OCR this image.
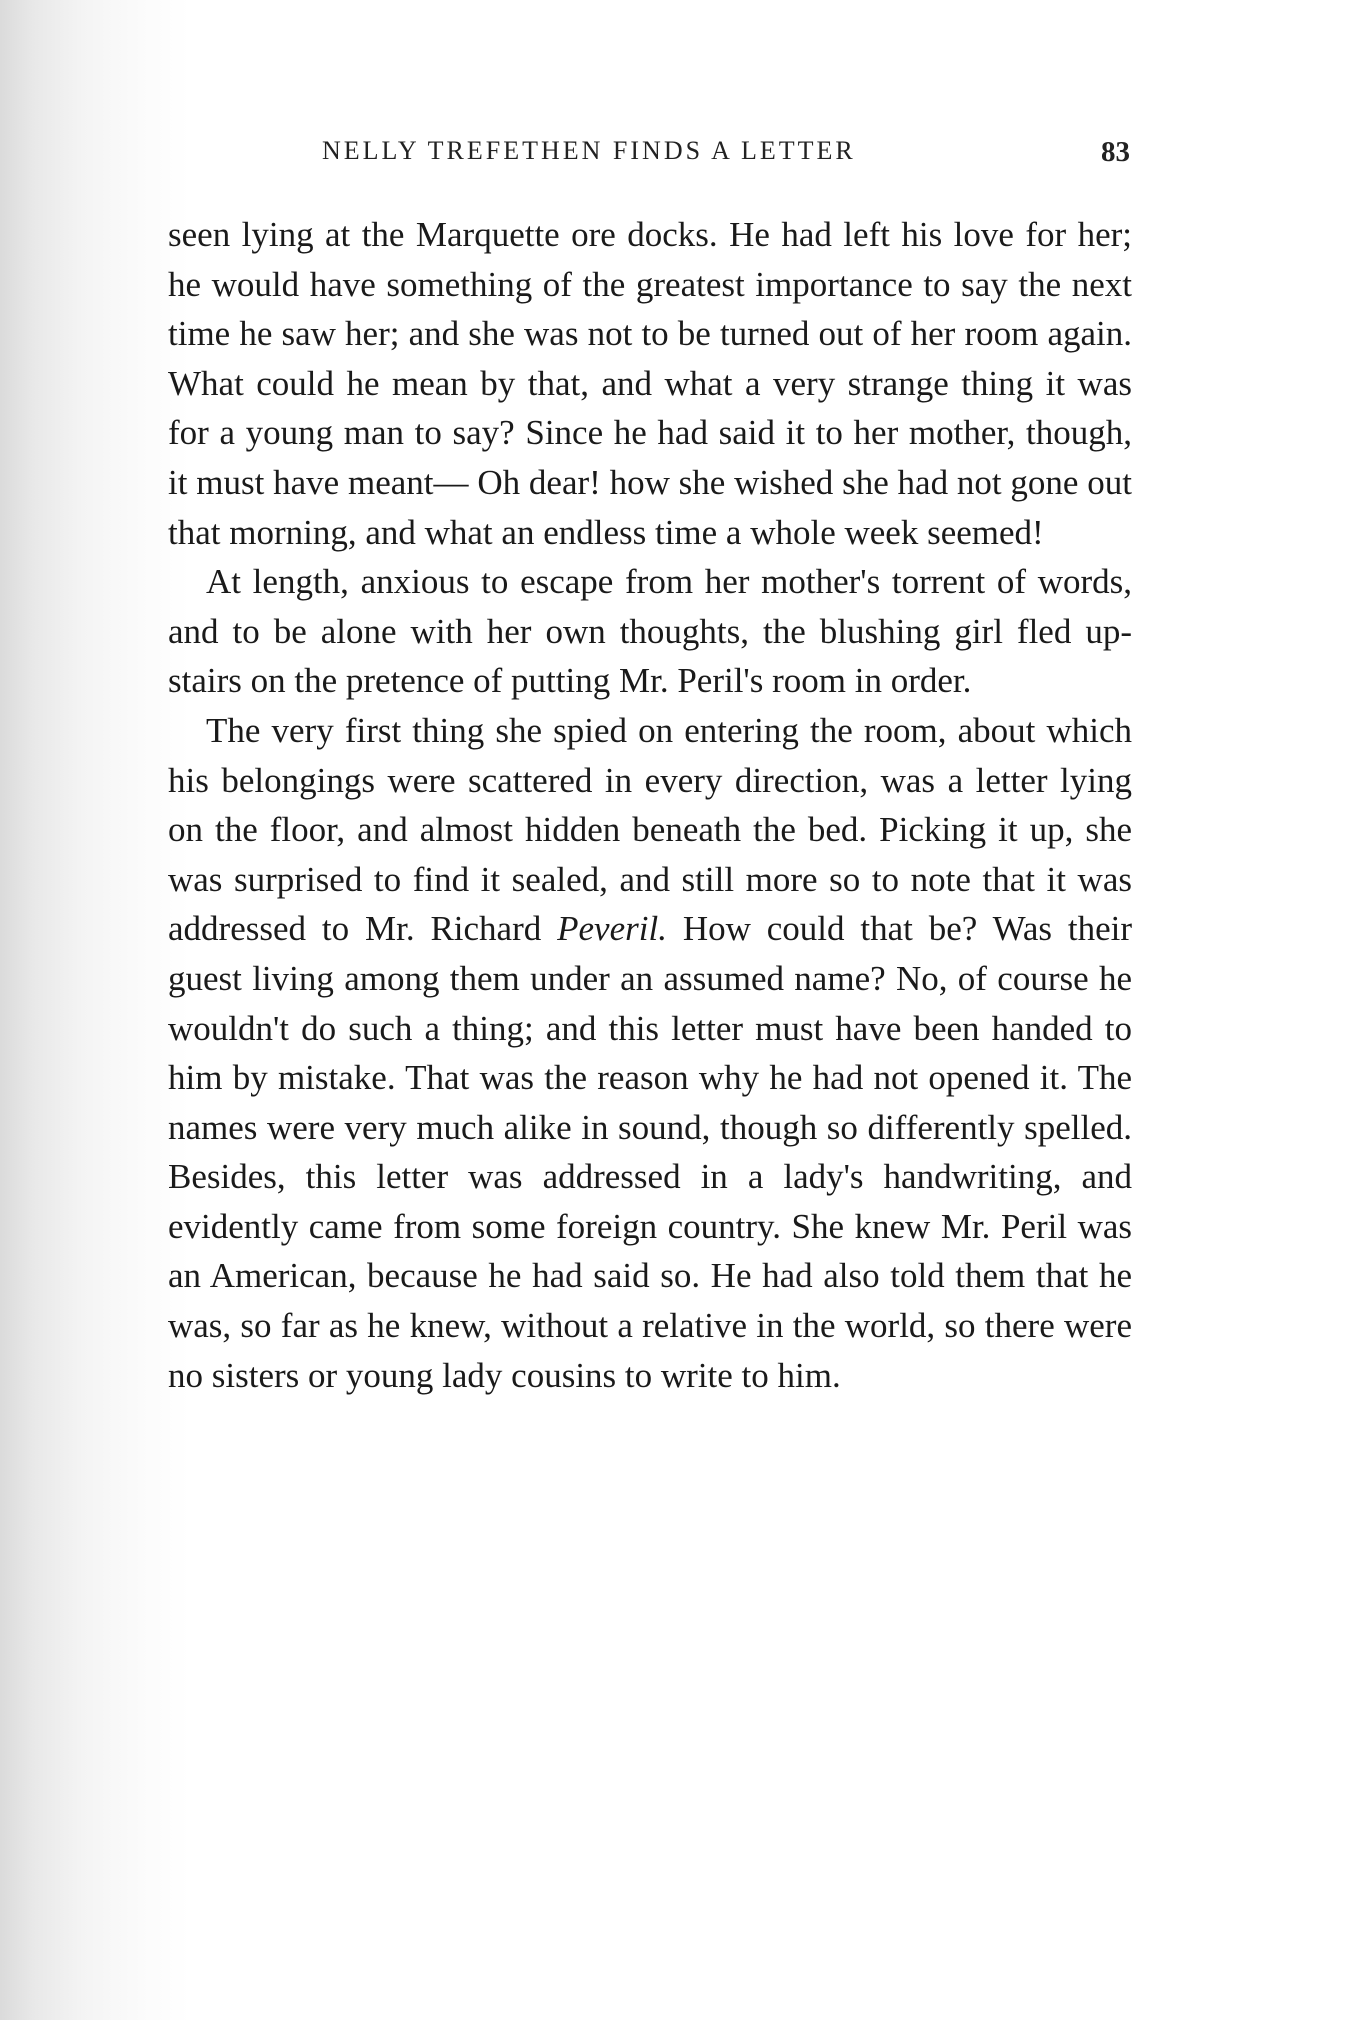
NELLY TREFETHEN FINDS A LETTER	83

seen lying at the Marquette ore docks. He had left his love for her; he would have something of the greatest importance to say the next time he saw her; and she was not to be turned out of her room again. What could he mean by that, and what a very strange thing it was for a young man to say? Since he had said it to her mother, though, it must have meant— Oh dear! how she wished she had not gone out that morning, and what an endless time a whole week seemed!

At length, anxious to escape from her mother's torrent of words, and to be alone with her own thoughts, the blushing girl fled up-stairs on the pretence of putting Mr. Peril's room in order.

The very first thing she spied on entering the room, about which his belongings were scattered in every direction, was a letter lying on the floor, and almost hidden beneath the bed. Picking it up, she was surprised to find it sealed, and still more so to note that it was addressed to Mr. Richard Peveril. How could that be? Was their guest living among them under an assumed name? No, of course he wouldn't do such a thing; and this letter must have been handed to him by mistake. That was the reason why he had not opened it. The names were very much alike in sound, though so differently spelled. Besides, this letter was addressed in a lady's handwriting, and evidently came from some foreign country. She knew Mr. Peril was an American, because he had said so. He had also told them that he was, so far as he knew, without a relative in the world, so there were no sisters or young lady cousins to write to him.
